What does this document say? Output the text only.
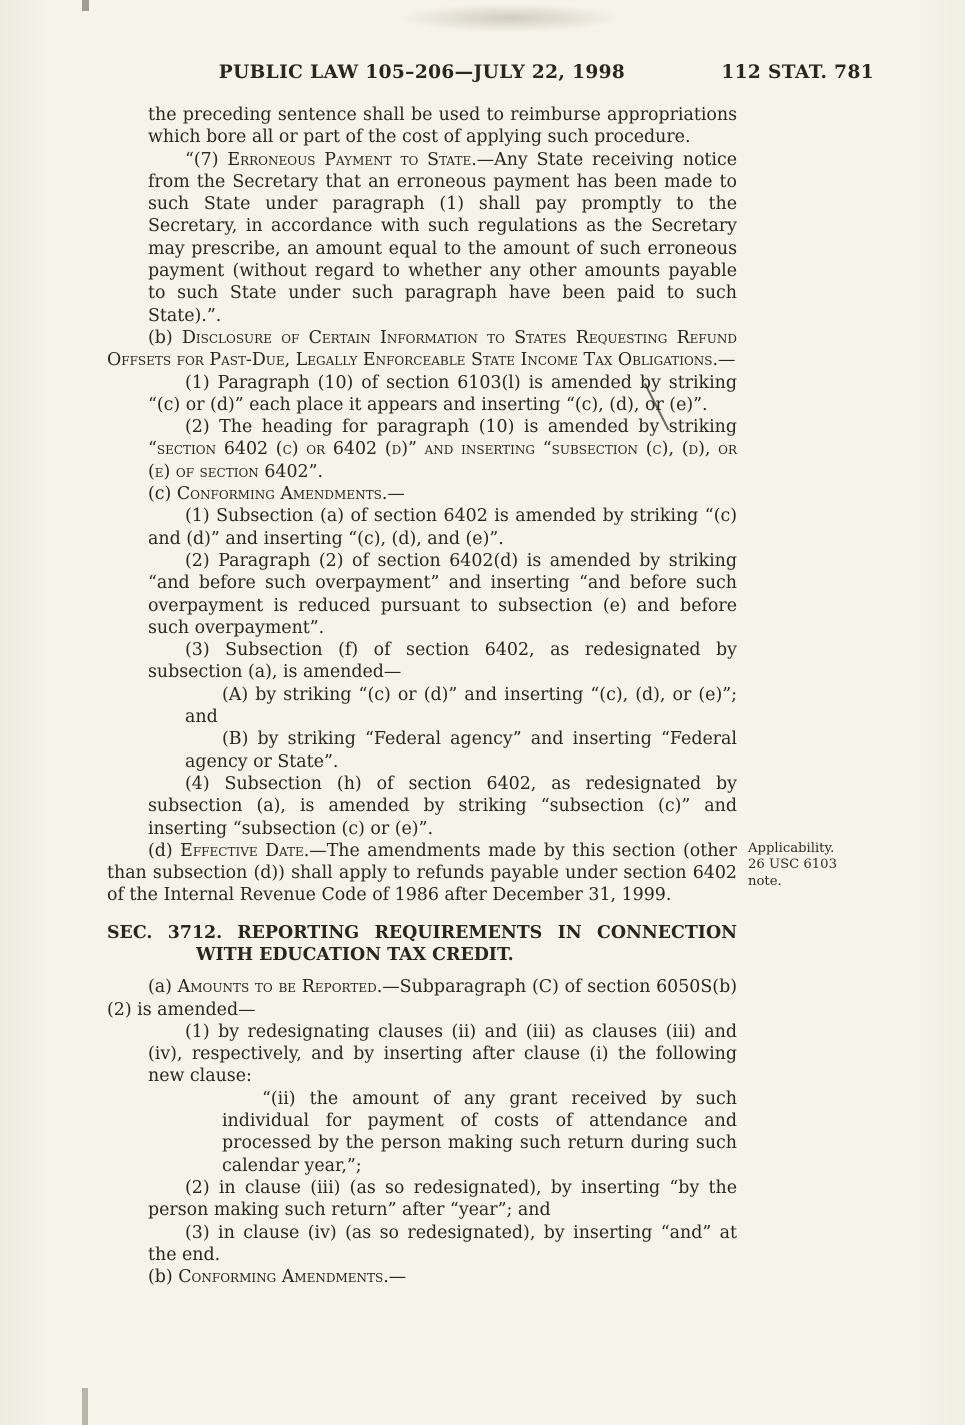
PUBLIC LAW 105–206—JULY 22, 1998	112 STAT. 781

the preceding sentence shall be used to reimburse appropriations which bore all or part of the cost of applying such procedure.

“(7) Erroneous Payment to State.—Any State receiving notice from the Secretary that an erroneous payment has been made to such State under paragraph (1) shall pay promptly to the Secretary, in accordance with such regulations as the Secretary may prescribe, an amount equal to the amount of such erroneous payment (without regard to whether any other amounts payable to such State under such paragraph have been paid to such State).”.

(b) Disclosure of Certain Information to States Requesting Refund Offsets for Past-Due, Legally Enforceable State Income Tax Obligations.—

(1) Paragraph (10) of section 6103(l) is amended by striking “(c) or (d)” each place it appears and inserting “(c), (d), or (e)”.

(2) The heading for paragraph (10) is amended by striking “section 6402 (c) or 6402 (d)” and inserting “subsection (c), (d), or (e) of section 6402”.

(c) Conforming Amendments.—

(1) Subsection (a) of section 6402 is amended by striking “(c) and (d)” and inserting “(c), (d), and (e)”.

(2) Paragraph (2) of section 6402(d) is amended by striking “and before such overpayment” and inserting “and before such overpayment is reduced pursuant to subsection (e) and before such overpayment”.

(3) Subsection (f) of section 6402, as redesignated by subsection (a), is amended—

(A) by striking “(c) or (d)” and inserting “(c), (d), or (e)”; and

(B) by striking “Federal agency” and inserting “Federal agency or State”.

(4) Subsection (h) of section 6402, as redesignated by subsection (a), is amended by striking “subsection (c)” and inserting “subsection (c) or (e)”.

(d) Effective Date.—The amendments made by this section (other than subsection (d)) shall apply to refunds payable under section 6402 of the Internal Revenue Code of 1986 after December 31, 1999.
Applicability.
26 USC 6103
note.

SEC. 3712. REPORTING REQUIREMENTS IN CONNECTION WITH EDUCATION TAX CREDIT.

(a) Amounts to be Reported.—Subparagraph (C) of section 6050S(b)(2) is amended—

(1) by redesignating clauses (ii) and (iii) as clauses (iii) and (iv), respectively, and by inserting after clause (i) the following new clause:

“(ii) the amount of any grant received by such individual for payment of costs of attendance and processed by the person making such return during such calendar year,”;

(2) in clause (iii) (as so redesignated), by inserting “by the person making such return” after “year”; and

(3) in clause (iv) (as so redesignated), by inserting “and” at the end.

(b) Conforming Amendments.—
